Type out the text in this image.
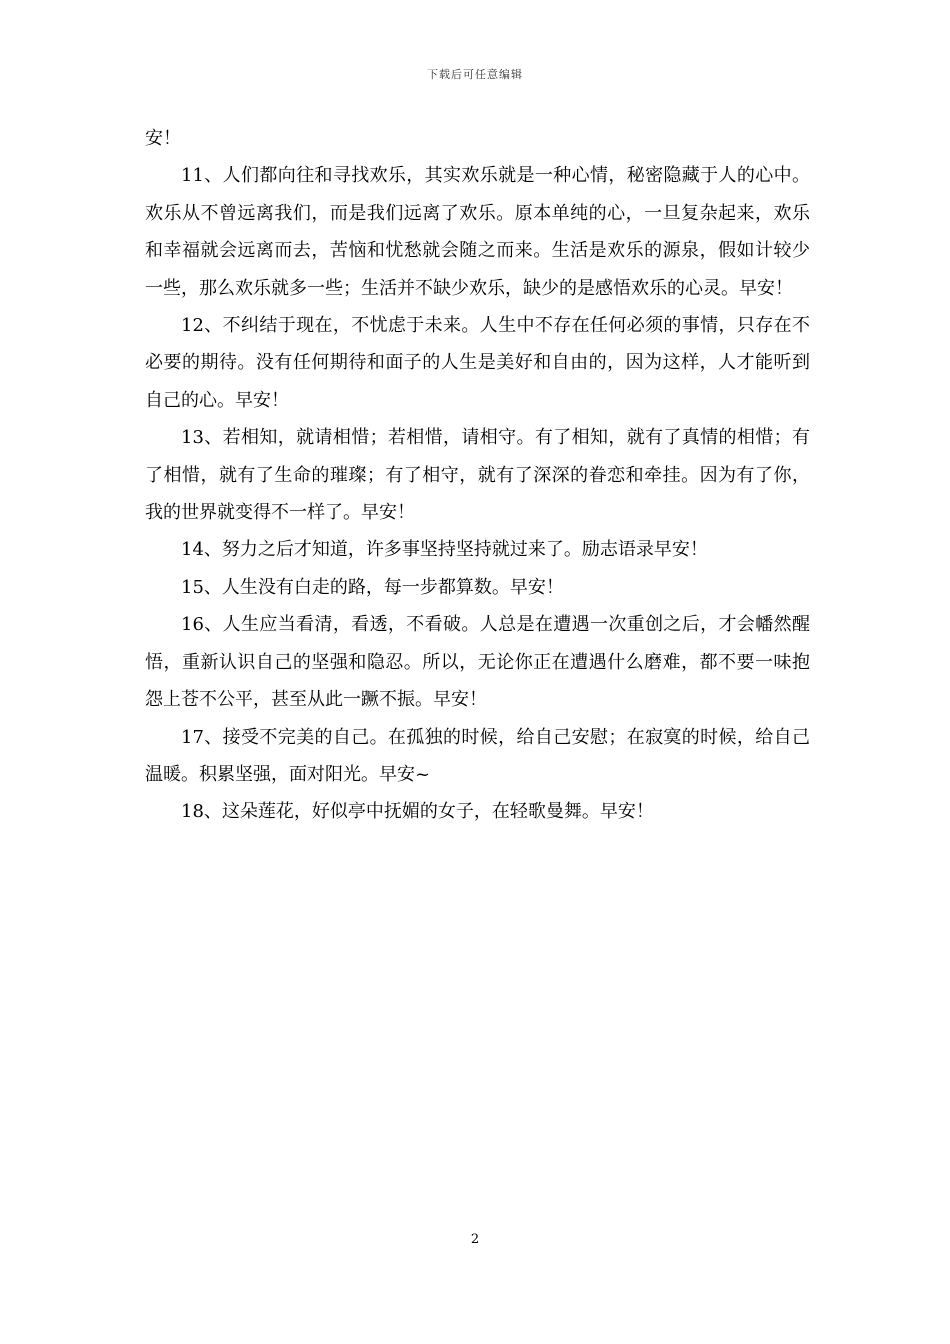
下载后可任意编辑

安！

11、人们都向往和寻找欢乐，其实欢乐就是一种心情，秘密隐藏于人的心中。欢乐从不曾远离我们，而是我们远离了欢乐。原本单纯的心，一旦复杂起来，欢乐和幸福就会远离而去，苦恼和忧愁就会随之而来。生活是欢乐的源泉，假如计较少一些，那么欢乐就多一些；生活并不缺少欢乐，缺少的是感悟欢乐的心灵。早安！

12、不纠结于现在，不忧虑于未来。人生中不存在任何必须的事情，只存在不必要的期待。没有任何期待和面子的人生是美好和自由的，因为这样，人才能听到自己的心。早安！

13、若相知，就请相惜；若相惜，请相守。有了相知，就有了真情的相惜；有了相惜，就有了生命的璀璨；有了相守，就有了深深的眷恋和牵挂。因为有了你，我的世界就变得不一样了。早安！

14、努力之后才知道，许多事坚持坚持就过来了。励志语录早安！

15、人生没有白走的路，每一步都算数。早安！

16、人生应当看清，看透，不看破。人总是在遭遇一次重创之后，才会幡然醒悟，重新认识自己的坚强和隐忍。所以，无论你正在遭遇什么磨难，都不要一味抱怨上苍不公平，甚至从此一蹶不振。早安！

17、接受不完美的自己。在孤独的时候，给自己安慰；在寂寞的时候，给自己温暖。积累坚强，面对阳光。早安~

18、这朵莲花，好似亭中抚媚的女子，在轻歌曼舞。早安！

2
